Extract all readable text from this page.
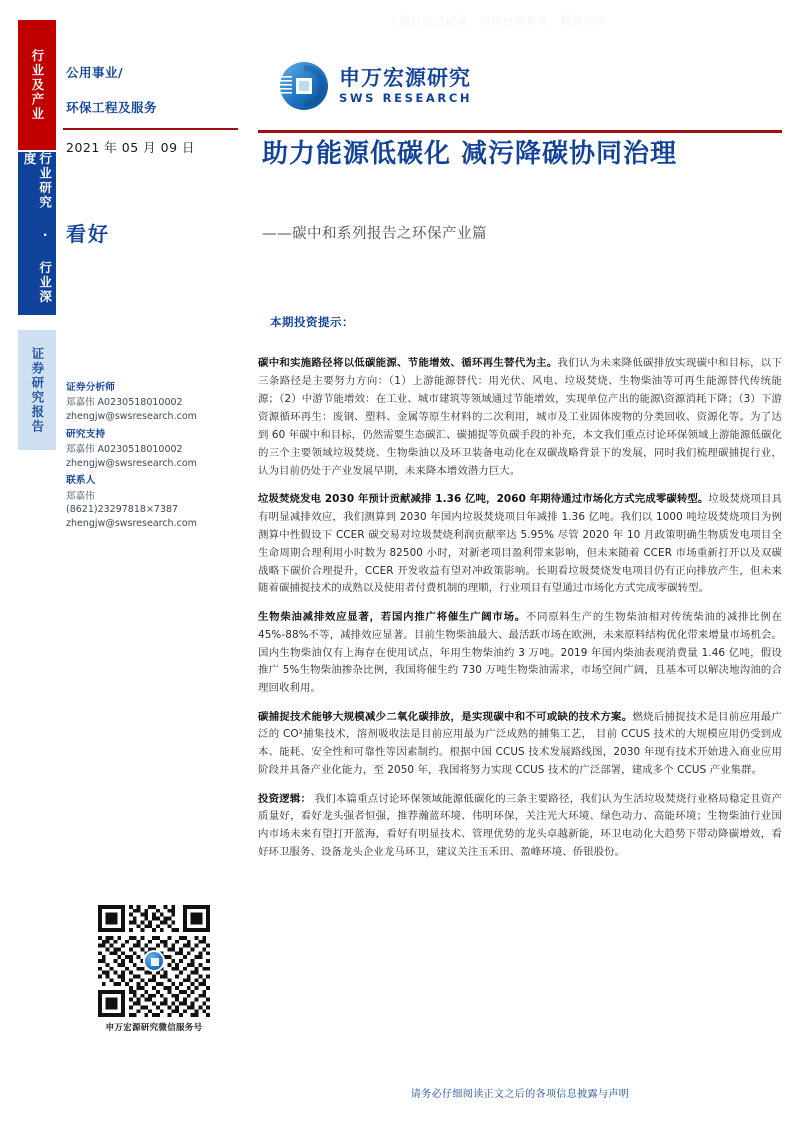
下载日志已记录，仅供内部参考，请勿外传
行业及产业
行业研究 · 行业深度
证券研究报告
公用事业/
环保工程及服务
2021 年 05 月 09 日
看好
证券分析师
郑嘉伟 A0230518010002
zhengjw@swsresearch.com
研究支持
郑嘉伟 A0230518010002
zhengjw@swsresearch.com
联系人
郑嘉伟
(8621)23297818×7387
zhengjw@swsresearch.com
申万宏源研究微信服务号
申万宏源研究
SWS RESEARCH
助力能源低碳化 减污降碳协同治理
——碳中和系列报告之环保产业篇
本期投资提示：

碳中和实施路径将以低碳能源、节能增效、循环再生替代为主。我们认为未来降低碳排放实现碳中和目标，以下三条路径是主要努力方向：（1）上游能源替代：用光伏、风电、垃圾焚烧、生物柴油等可再生能源替代传统能源；（2）中游节能增效：在工业、城市建筑等领域通过节能增效，实现单位产出的能源\资源消耗下降；（3）下游资源循环再生：废钢、塑料、金属等原生材料的二次利用，城市及工业固体废物的分类回收、资源化等。为了达到 60 年碳中和目标，仍然需要生态碳汇、碳捕捉等负碳手段的补充，本文我们重点讨论环保领域上游能源低碳化的三个主要领域垃圾焚烧、生物柴油以及环卫装备电动化在双碳战略背景下的发展，同时我们梳理碳捕捉行业，认为目前仍处于产业发展早期，未来降本增效潜力巨大。

垃圾焚烧发电 2030 年预计贡献减排 1.36 亿吨，2060 年期待通过市场化方式完成零碳转型。垃圾焚烧项目具有明显减排效应，我们测算到 2030 年国内垃圾焚烧项目年减排 1.36 亿吨。我们以 1000 吨垃圾焚烧项目为例 测算中性假设下 CCER 碳交易对垃圾焚烧利润贡献率达 5.95% 尽管 2020 年 10 月政策明确生物质发电项目全生命周期合理利用小时数为 82500 小时，对新老项目盈利带来影响，但未来随着 CCER 市场重新打开以及双碳战略下碳价合理提升，CCER 开发收益有望对冲政策影响。长期看垃圾焚烧发电项目仍有正向排放产生，但未来随着碳捕捉技术的成熟以及使用者付费机制的理顺，行业项目有望通过市场化方式完成零碳转型。

生物柴油减排效应显著，若国内推广将催生广阔市场。不同原料生产的生物柴油相对传统柴油的减排比例在 45%-88%不等，减排效应显著。目前生物柴油最大、最活跃市场在欧洲，未来原料结构优化带来增量市场机会。国内生物柴油仅有上海存在使用试点，年用生物柴油约 3 万吨。2019 年国内柴油表观消费量 1.46 亿吨，假设推广 5%生物柴油掺杂比例，我国将催生约 730 万吨生物柴油需求，市场空间广阔，且基本可以解决地沟油的合理回收利用。

碳捕捉技术能够大规模减少二氧化碳排放，是实现碳中和不可或缺的技术方案。燃烧后捕捉技术是目前应用最广泛的 CO²捕集技术，溶剂吸收法是目前应用最为广泛成熟的捕集工艺， 目前 CCUS 技术的大规模应用仍受到成本、能耗、安全性和可靠性等因素制约。根据中国 CCUS 技术发展路线图，2030 年现有技术开始进入商业应用阶段并具备产业化能力，至 2050 年，我国将努力实现 CCUS 技术的广泛部署，建成多个 CCUS 产业集群。

投资逻辑： 我们本篇重点讨论环保领域能源低碳化的三条主要路径，我们认为生活垃圾焚烧行业格局稳定且资产质量好，看好龙头强者恒强，推荐瀚蓝环境、伟明环保，关注光大环境、绿色动力、高能环境；生物柴油行业国内市场未来有望打开蓝海，看好有明显技术、管理优势的龙头卓越新能，环卫电动化大趋势下带动降碳增效，看好环卫服务、设备龙头企业龙马环卫，建议关注玉禾田、盈峰环境、侨银股份。

请务必仔细阅读正文之后的各项信息披露与声明
